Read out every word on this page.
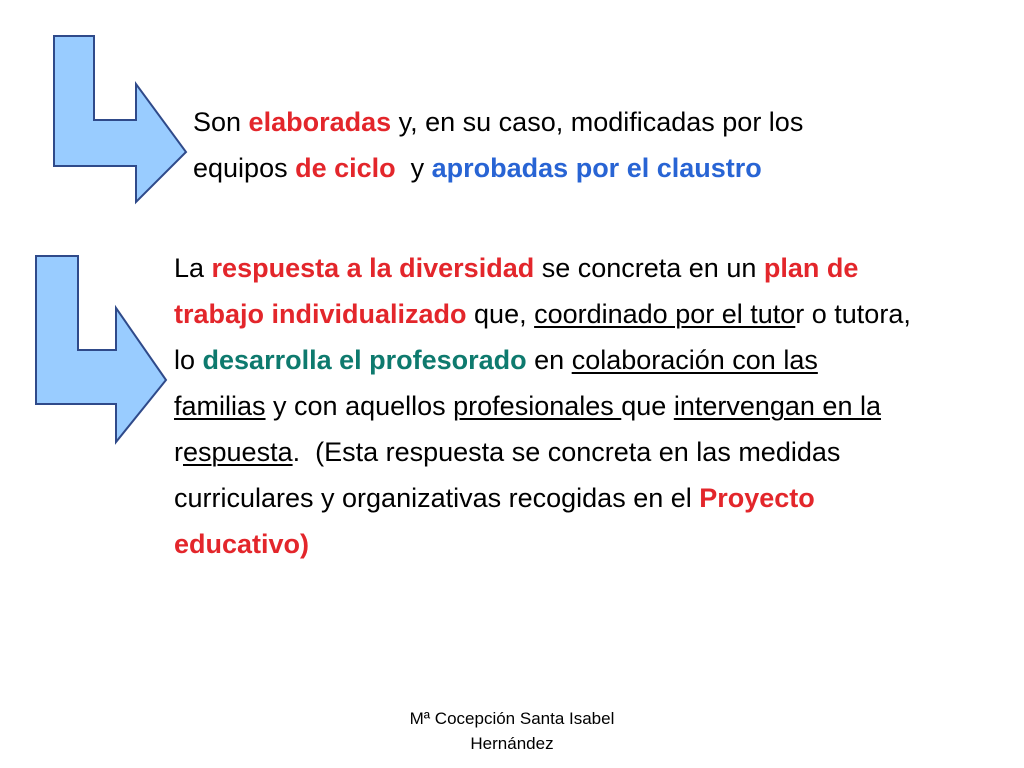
Son elaboradas y, en su caso, modificadas por los
equipos de ciclo  y aprobadas por el claustro

La respuesta a la diversidad se concreta en un plan de
trabajo individualizado que, coordinado por el tutor o tutora,
lo desarrolla el profesorado en colaboración con las
familias y con aquellos profesionales que intervengan en la
respuesta.  (Esta respuesta se concreta en las medidas
curriculares y organizativas recogidas en el Proyecto
educativo)

Mª Cocepción Santa Isabel
Hernández
